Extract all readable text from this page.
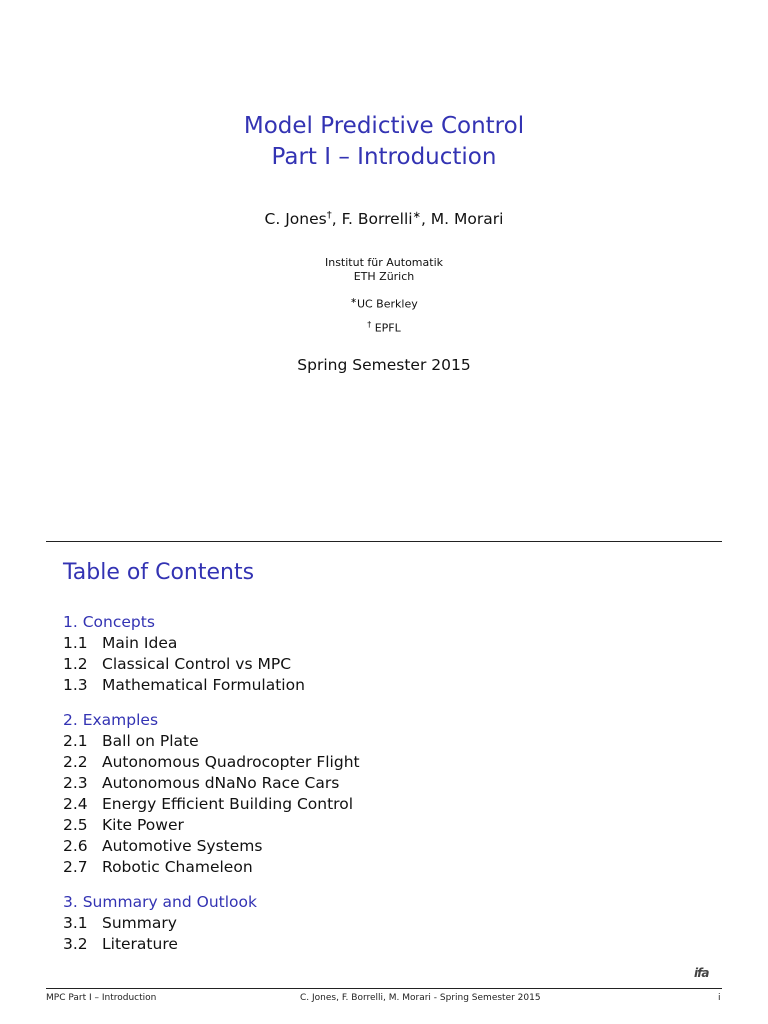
Model Predictive Control
Part I – Introduction
C. Jones†, F. Borrelli∗, M. Morari
Institut für Automatik
ETH Zürich
∗UC Berkley
† EPFL
Spring Semester 2015
Table of Contents
1. Concepts
1.1 Main Idea
1.2 Classical Control vs MPC
1.3 Mathematical Formulation
2. Examples
2.1 Ball on Plate
2.2 Autonomous Quadrocopter Flight
2.3 Autonomous dNaNo Race Cars
2.4 Energy Efficient Building Control
2.5 Kite Power
2.6 Automotive Systems
2.7 Robotic Chameleon
3. Summary and Outlook
3.1 Summary
3.2 Literature
ifa
MPC Part I – Introduction	C. Jones, F. Borrelli, M. Morari - Spring Semester 2015	i
